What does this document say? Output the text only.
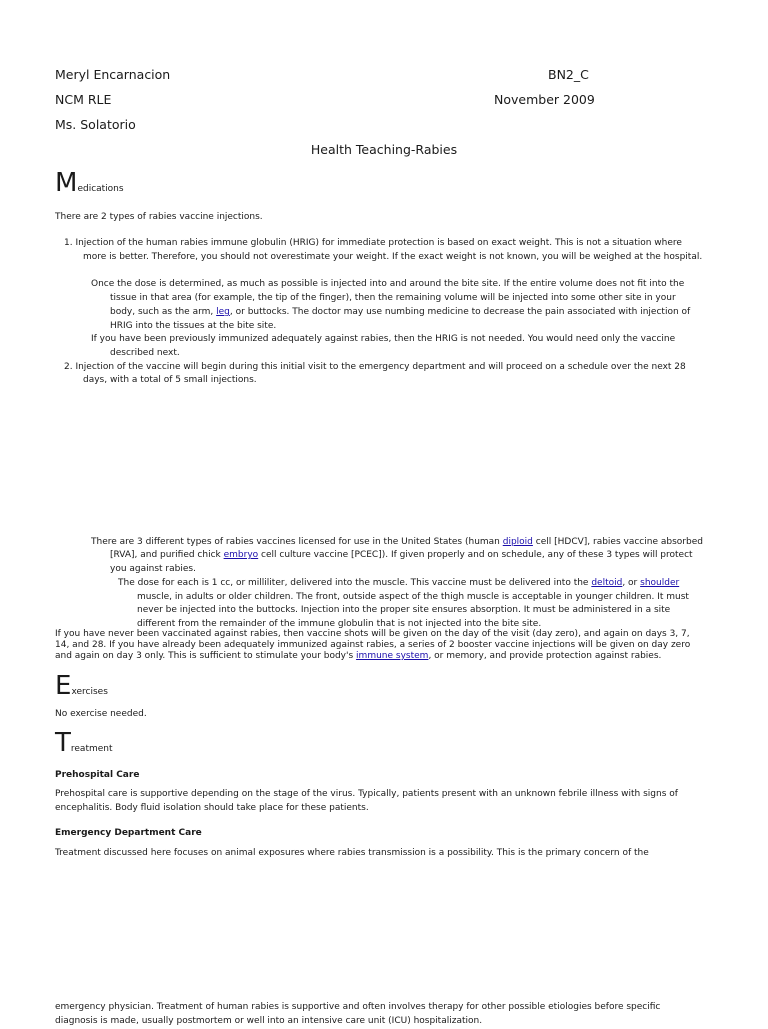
Meryl Encarnacion	BN2_C
NCM RLE	November 2009
Ms. Solatorio
Health Teaching-Rabies
Medications
There are 2 types of rabies vaccine injections.
1. Injection of the human rabies immune globulin (HRIG) for immediate protection is based on exact weight. This is not a situation where
more is better. Therefore, you should not overestimate your weight. If the exact weight is not known, you will be weighed at the hospital.
Once the dose is determined, as much as possible is injected into and around the bite site. If the entire volume does not fit into the
tissue in that area (for example, the tip of the finger), then the remaining volume will be injected into some other site in your
body, such as the arm, leg, or buttocks. The doctor may use numbing medicine to decrease the pain associated with injection of
HRIG into the tissues at the bite site.
If you have been previously immunized adequately against rabies, then the HRIG is not needed. You would need only the vaccine
described next.
2. Injection of the vaccine will begin during this initial visit to the emergency department and will proceed on a schedule over the next 28
days, with a total of 5 small injections.
There are 3 different types of rabies vaccines licensed for use in the United States (human diploid cell [HDCV], rabies vaccine absorbed
[RVA], and purified chick embryo cell culture vaccine [PCEC]). If given properly and on schedule, any of these 3 types will protect
you against rabies.
The dose for each is 1 cc, or milliliter, delivered into the muscle. This vaccine must be delivered into the deltoid, or shoulder
muscle, in adults or older children. The front, outside aspect of the thigh muscle is acceptable in younger children. It must
never be injected into the buttocks. Injection into the proper site ensures absorption. It must be administered in a site
different from the remainder of the immune globulin that is not injected into the bite site.
If you have never been vaccinated against rabies, then vaccine shots will be given on the day of the visit (day zero), and again on days 3, 7,
14, and 28. If you have already been adequately immunized against rabies, a series of 2 booster vaccine injections will be given on day zero
and again on day 3 only. This is sufficient to stimulate your body's immune system, or memory, and provide protection against rabies.
Exercises
No exercise needed.
Treatment
Prehospital Care
Prehospital care is supportive depending on the stage of the virus. Typically, patients present with an unknown febrile illness with signs of
encephalitis. Body fluid isolation should take place for these patients.
Emergency Department Care
Treatment discussed here focuses on animal exposures where rabies transmission is a possibility. This is the primary concern of the
emergency physician. Treatment of human rabies is supportive and often involves therapy for other possible etiologies before specific
diagnosis is made, usually postmortem or well into an intensive care unit (ICU) hospitalization.
